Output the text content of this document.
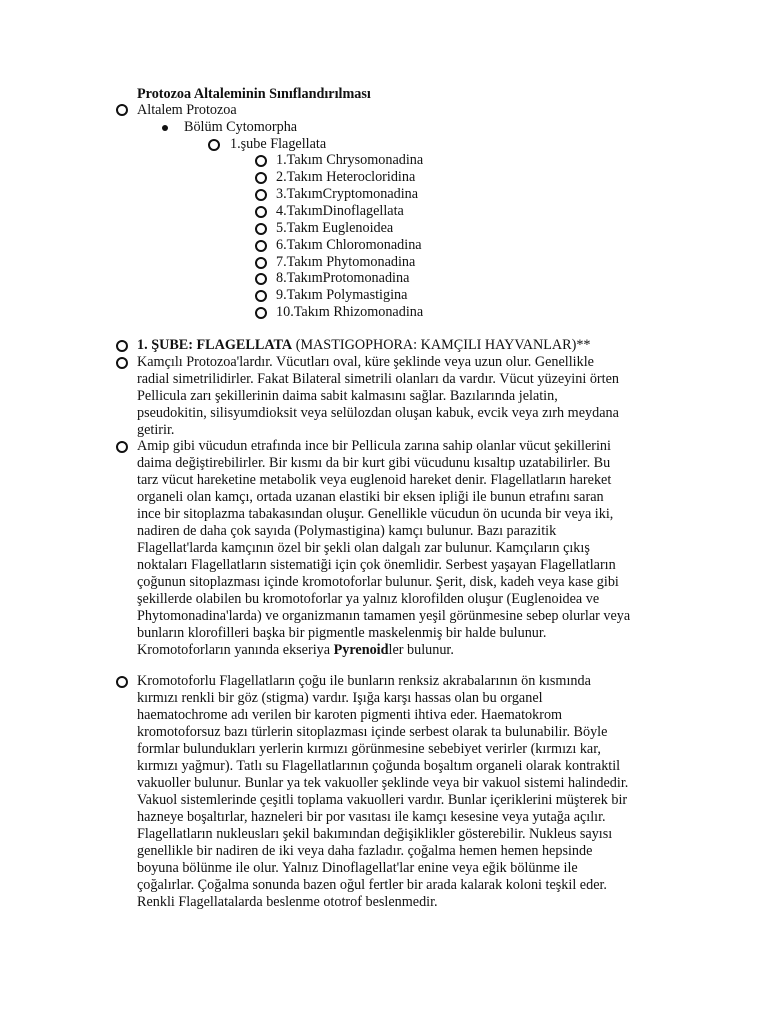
Protozoa Altaleminin Sınıflandırılması
Altalem Protozoa
Bölüm Cytomorpha
1.şube Flagellata
1.Takım Chrysomonadina
2.Takım Heterocloridina
3.TakımCryptomonadina
4.TakımDinoflagellata
5.Takm Euglenoidea
6.Takım Chloromonadina
7.Takım Phytomonadina
8.TakımProtomonadina
9.Takım Polymastigina
10.Takım Rhizomonadina
1. ŞUBE: FLAGELLATA (MASTIGOPHORA: KAMÇILI HAYVANLAR)**
Kamçılı Protozoa'lardır. Vücutları oval, küre şeklinde veya uzun olur. Genellikle
radial simetrilidirler. Fakat Bilateral simetrili olanları da vardır. Vücut yüzeyini örten
Pellicula zarı şekillerinin daima sabit kalmasını sağlar. Bazılarında jelatin,
pseudokitin, silisyumdioksit veya selülozdan oluşan kabuk, evcik veya zırh meydana
getirir.
Amip gibi vücudun etrafında ince bir Pellicula zarına sahip olanlar vücut şekillerini
daima değiştirebilirler. Bir kısmı da bir kurt gibi vücudunu kısaltıp uzatabilirler. Bu
tarz vücut hareketine metabolik veya euglenoid hareket denir. Flagellatların hareket
organeli olan kamçı, ortada uzanan elastiki bir eksen ipliği ile bunun etrafını saran
ince bir sitoplazma tabakasından oluşur. Genellikle vücudun ön ucunda bir veya iki,
nadiren de daha çok sayıda (Polymastigina) kamçı bulunur. Bazı parazitik
Flagellat'larda kamçının özel bir şekli olan dalgalı zar bulunur. Kamçıların çıkış
noktaları Flagellatların sistematiği için çok önemlidir. Serbest yaşayan Flagellatların
çoğunun sitoplazması içinde kromotoforlar bulunur. Şerit, disk, kadeh veya kase gibi
şekillerde olabilen bu kromotoforlar ya yalnız klorofilden oluşur (Euglenoidea ve
Phytomonadina'larda) ve organizmanın tamamen yeşil görünmesine sebep olurlar veya
bunların klorofilleri başka bir pigmentle maskelenmiş bir halde bulunur.
Kromotoforların yanında ekseriya Pyrenoidler bulunur.
Kromotoforlu Flagellatların çoğu ile bunların renksiz akrabalarının ön kısmında
kırmızı renkli bir göz (stigma) vardır. Işığa karşı hassas olan bu organel
haematochrome adı verilen bir karoten pigmenti ihtiva eder. Haematokrom
kromotoforsuz bazı türlerin sitoplazması içinde serbest olarak ta bulunabilir. Böyle
formlar bulundukları yerlerin kırmızı görünmesine sebebiyet verirler (kırmızı kar,
kırmızı yağmur). Tatlı su Flagellatlarının çoğunda boşaltım organeli olarak kontraktil
vakuoller bulunur. Bunlar ya tek vakuoller şeklinde veya bir vakuol sistemi halindedir.
Vakuol sistemlerinde çeşitli toplama vakuolleri vardır. Bunlar içeriklerini müşterek bir
hazneye boşaltırlar, hazneleri bir por vasıtası ile kamçı kesesine veya yutağa açılır.
Flagellatların nukleusları şekil bakımından değişiklikler gösterebilir. Nukleus sayısı
genellikle bir nadiren de iki veya daha fazladır. çoğalma hemen hemen hepsinde
boyuna bölünme ile olur. Yalnız Dinoflagellat'lar enine veya eğik bölünme ile
çoğalırlar. Çoğalma sonunda bazen oğul fertler bir arada kalarak koloni teşkil eder.
Renkli Flagellatalarda beslenme ototrof beslenmedir.
